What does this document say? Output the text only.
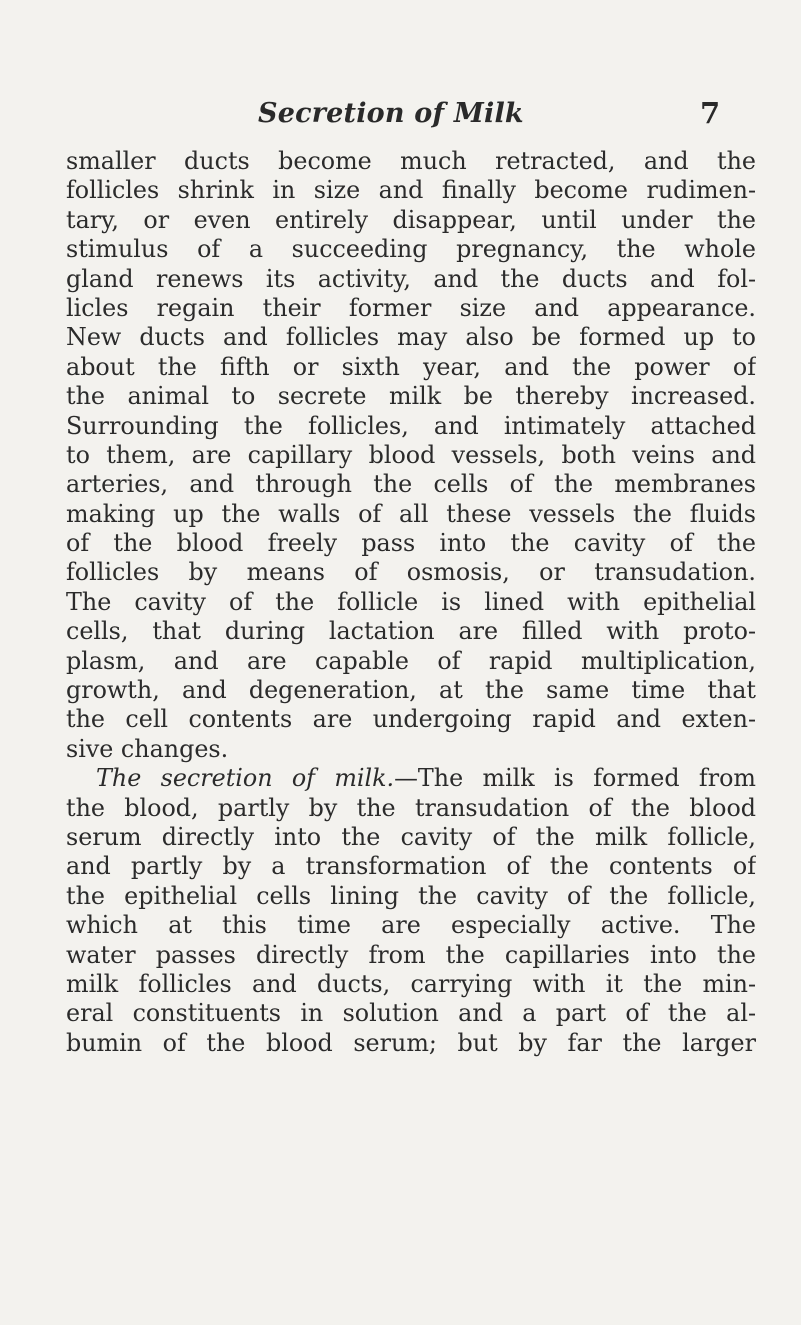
Secretion of Milk	7
smaller ducts become much retracted, and the
follicles shrink in size and finally become rudimen-
tary, or even entirely disappear, until under the
stimulus of a succeeding pregnancy, the whole
gland renews its activity, and the ducts and fol-
licles regain their former size and appearance.
New ducts and follicles may also be formed up to
about the fifth or sixth year, and the power of
the animal to secrete milk be thereby increased.
Surrounding the follicles, and intimately attached
to them, are capillary blood vessels, both veins and
arteries, and through the cells of the membranes
making up the walls of all these vessels the fluids
of the blood freely pass into the cavity of the
follicles by means of osmosis, or transudation.
The cavity of the follicle is lined with epithelial
cells, that during lactation are filled with proto-
plasm, and are capable of rapid multiplication,
growth, and degeneration, at the same time that
the cell contents are undergoing rapid and exten-
sive changes.
The secretion of milk.—The milk is formed from
the blood, partly by the transudation of the blood
serum directly into the cavity of the milk follicle,
and partly by a transformation of the contents of
the epithelial cells lining the cavity of the follicle,
which at this time are especially active. The
water passes directly from the capillaries into the
milk follicles and ducts, carrying with it the min-
eral constituents in solution and a part of the al-
bumin of the blood serum; but by far the larger
